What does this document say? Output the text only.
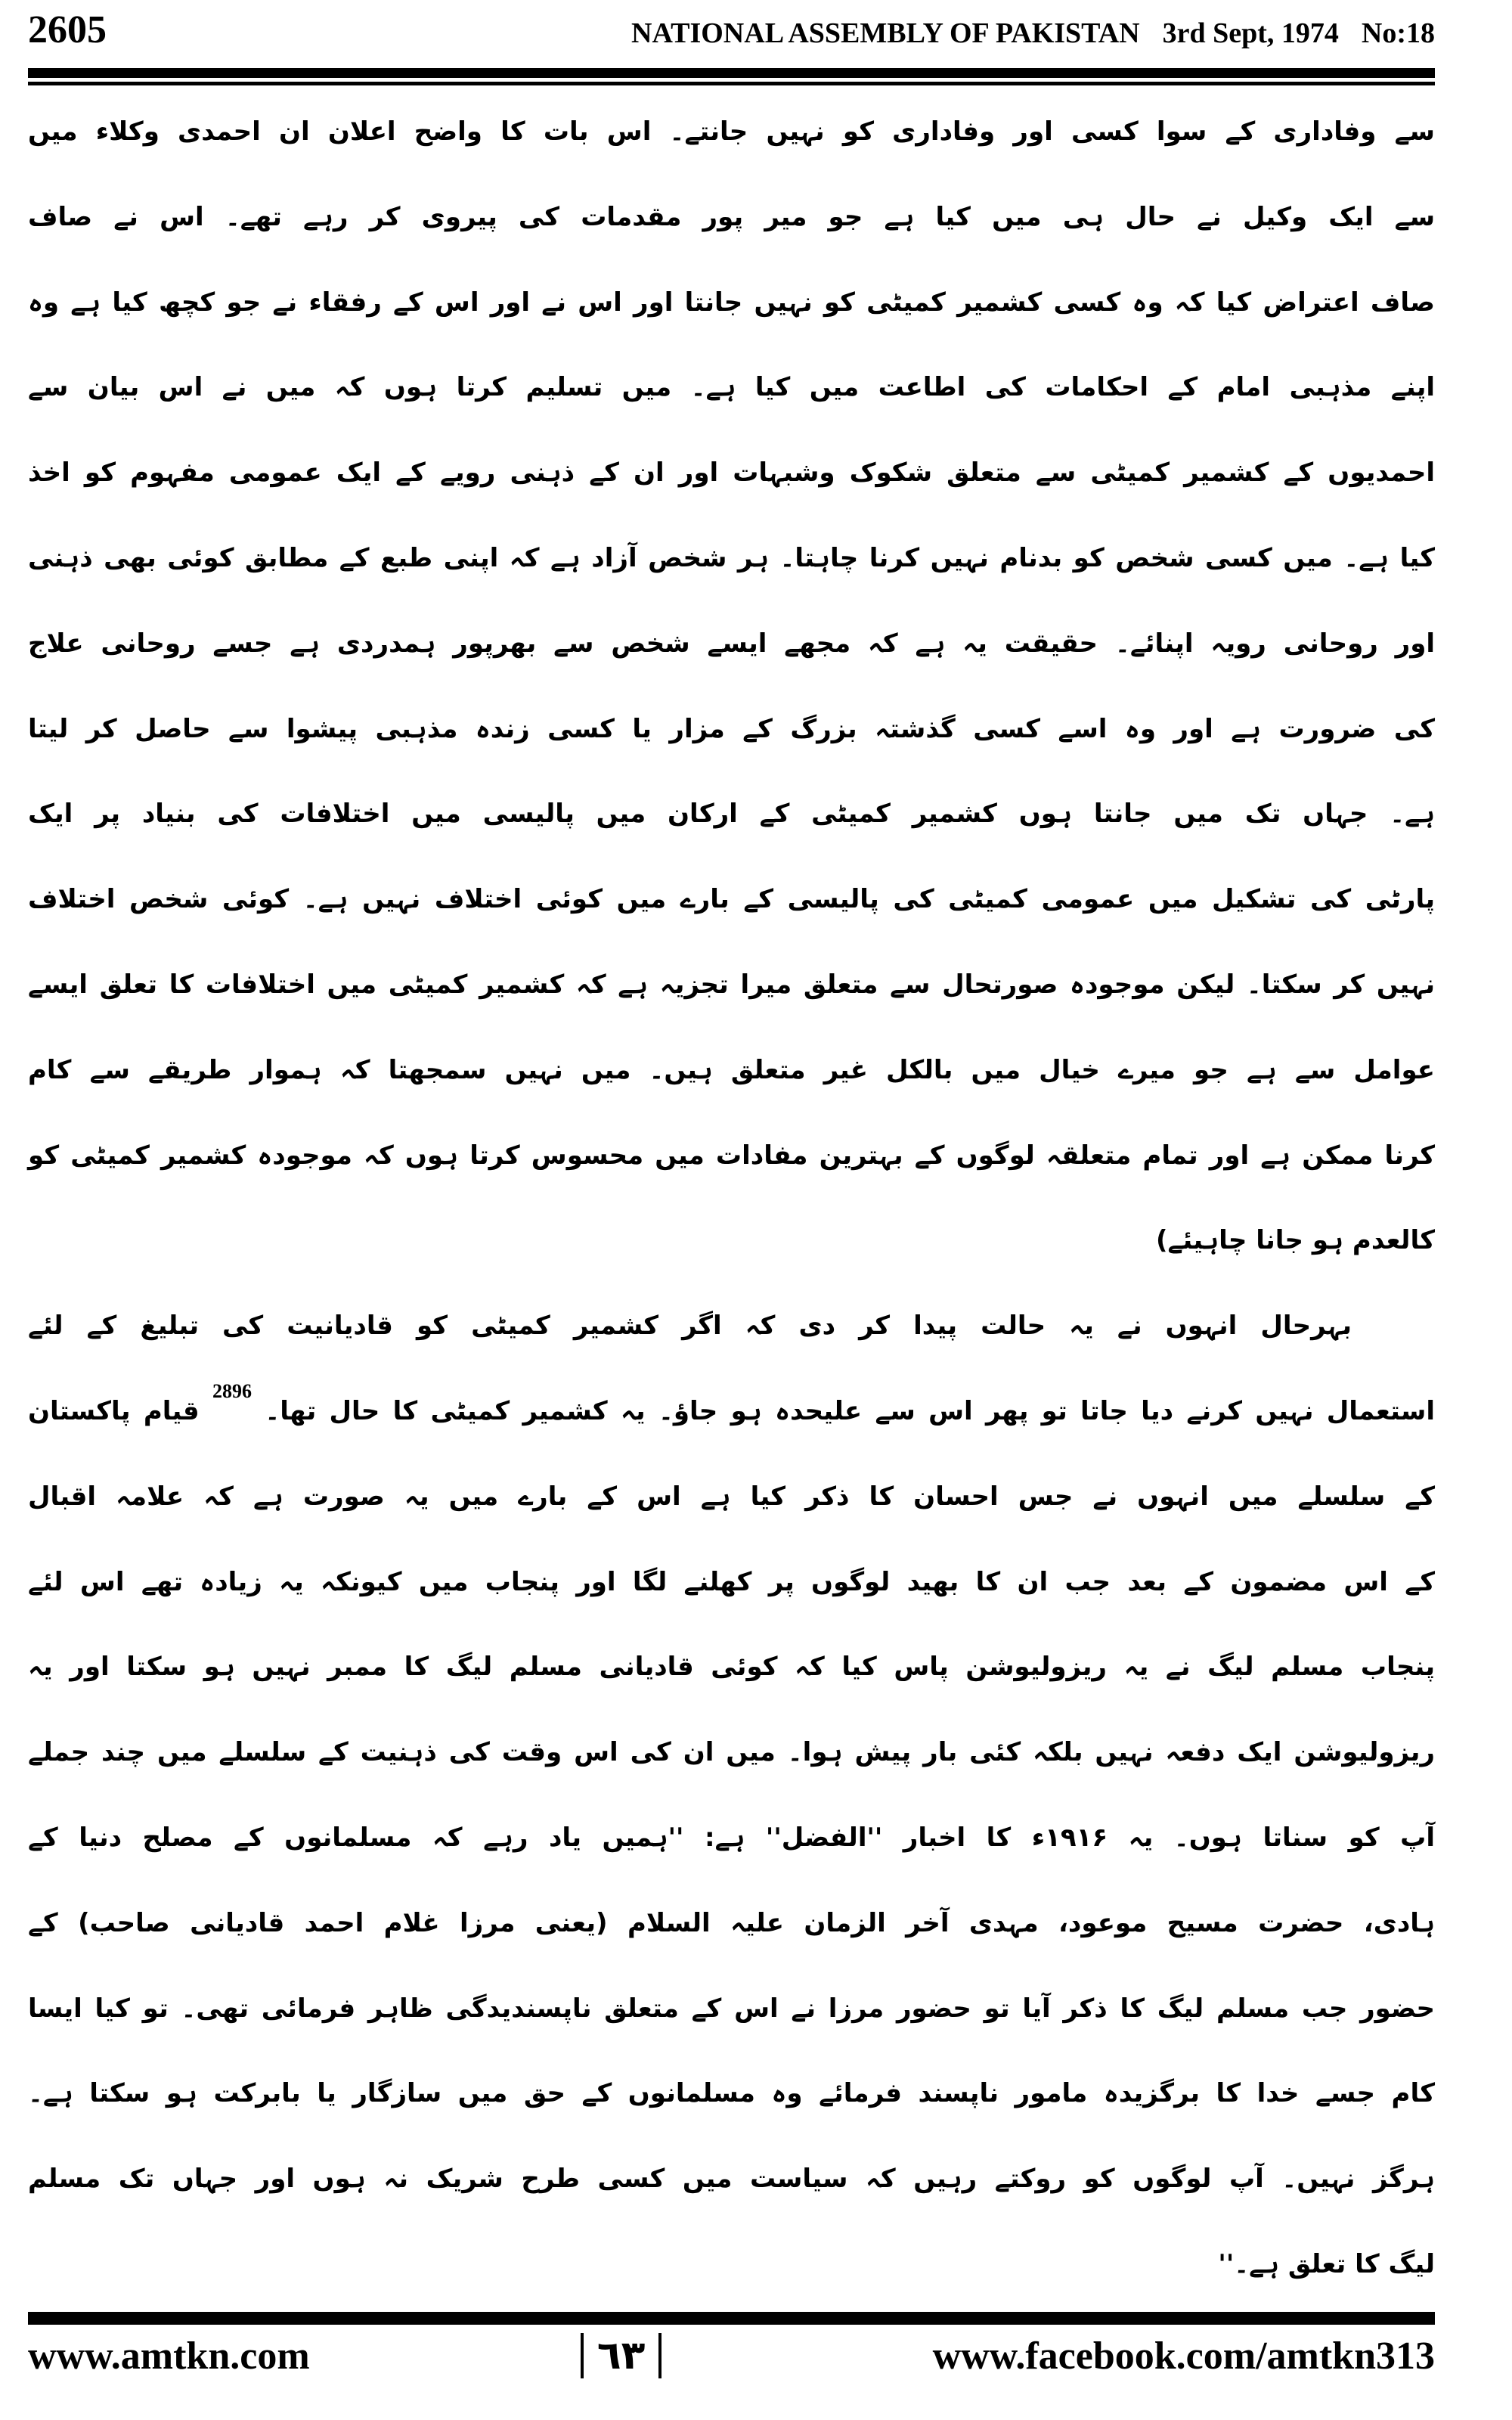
2605	NATIONAL ASSEMBLY OF PAKISTAN 3rd Sept, 1974 No:18
سے وفاداری کے سوا کسی اور وفاداری کو نہیں جانتے۔ اس بات کا واضح اعلان ان احمدی وکلاء میں
سے ایک وکیل نے حال ہی میں کیا ہے جو میر پور مقدمات کی پیروی کر رہے تھے۔ اس نے صاف
صاف اعتراض کیا کہ وہ کسی کشمیر کمیٹی کو نہیں جانتا اور اس نے اور اس کے رفقاء نے جو کچھ کیا ہے وہ
اپنے مذہبی امام کے احکامات کی اطاعت میں کیا ہے۔ میں تسلیم کرتا ہوں کہ میں نے اس بیان سے
احمدیوں کے کشمیر کمیٹی سے متعلق شکوک وشبہات اور ان کے ذہنی رویے کے ایک عمومی مفہوم کو اخذ
کیا ہے۔ میں کسی شخص کو بدنام نہیں کرنا چاہتا۔ ہر شخص آزاد ہے کہ اپنی طبع کے مطابق کوئی بھی ذہنی
اور روحانی رویہ اپنائے۔ حقیقت یہ ہے کہ مجھے ایسے شخص سے بھرپور ہمدردی ہے جسے روحانی علاج
کی ضرورت ہے اور وہ اسے کسی گذشتہ بزرگ کے مزار یا کسی زندہ مذہبی پیشوا سے حاصل کر لیتا
ہے۔ جہاں تک میں جانتا ہوں کشمیر کمیٹی کے ارکان میں پالیسی میں اختلافات کی بنیاد پر ایک
پارٹی کی تشکیل میں عمومی کمیٹی کی پالیسی کے بارے میں کوئی اختلاف نہیں ہے۔ کوئی شخص اختلاف
نہیں کر سکتا۔ لیکن موجودہ صورتحال سے متعلق میرا تجزیہ ہے کہ کشمیر کمیٹی میں اختلافات کا تعلق ایسے
عوامل سے ہے جو میرے خیال میں بالکل غیر متعلق ہیں۔ میں نہیں سمجھتا کہ ہموار طریقے سے کام
کرنا ممکن ہے اور تمام متعلقہ لوگوں کے بہترین مفادات میں محسوس کرتا ہوں کہ موجودہ کشمیر کمیٹی کو
کالعدم ہو جانا چاہیئے)
بہرحال انہوں نے یہ حالت پیدا کر دی کہ اگر کشمیر کمیٹی کو قادیانیت کی تبلیغ کے لئے
استعمال نہیں کرنے دیا جاتا تو پھر اس سے علیحدہ ہو جاؤ۔ یہ کشمیر کمیٹی کا حال تھا۔ $^{2896}$ قیام پاکستان
کے سلسلے میں انہوں نے جس احسان کا ذکر کیا ہے اس کے بارے میں یہ صورت ہے کہ علامہ اقبال
کے اس مضمون کے بعد جب ان کا بھید لوگوں پر کھلنے لگا اور پنجاب میں کیونکہ یہ زیادہ تھے اس لئے
پنجاب مسلم لیگ نے یہ ریزولیوشن پاس کیا کہ کوئی قادیانی مسلم لیگ کا ممبر نہیں ہو سکتا اور یہ
ریزولیوشن ایک دفعہ نہیں بلکہ کئی بار پیش ہوا۔ میں ان کی اس وقت کی ذہنیت کے سلسلے میں چند جملے
آپ کو سناتا ہوں۔ یہ ۱۹۱۶ء کا اخبار ''الفضل'' ہے: ''ہمیں یاد رہے کہ مسلمانوں کے مصلح دنیا کے
ہادی، حضرت مسیح موعود، مہدی آخر الزمان علیہ السلام (یعنی مرزا غلام احمد قادیانی صاحب) کے
حضور جب مسلم لیگ کا ذکر آیا تو حضور مرزا نے اس کے متعلق ناپسندیدگی ظاہر فرمائی تھی۔ تو کیا ایسا
کام جسے خدا کا برگزیدہ مامور ناپسند فرمائے وہ مسلمانوں کے حق میں سازگار یا بابرکت ہو سکتا ہے۔
ہرگز نہیں۔ آپ لوگوں کو روکتے رہیں کہ سیاست میں کسی طرح شریک نہ ہوں اور جہاں تک مسلم
لیگ کا تعلق ہے۔''
www.amtkn.com	٦٣	www.facebook.com/amtkn313
